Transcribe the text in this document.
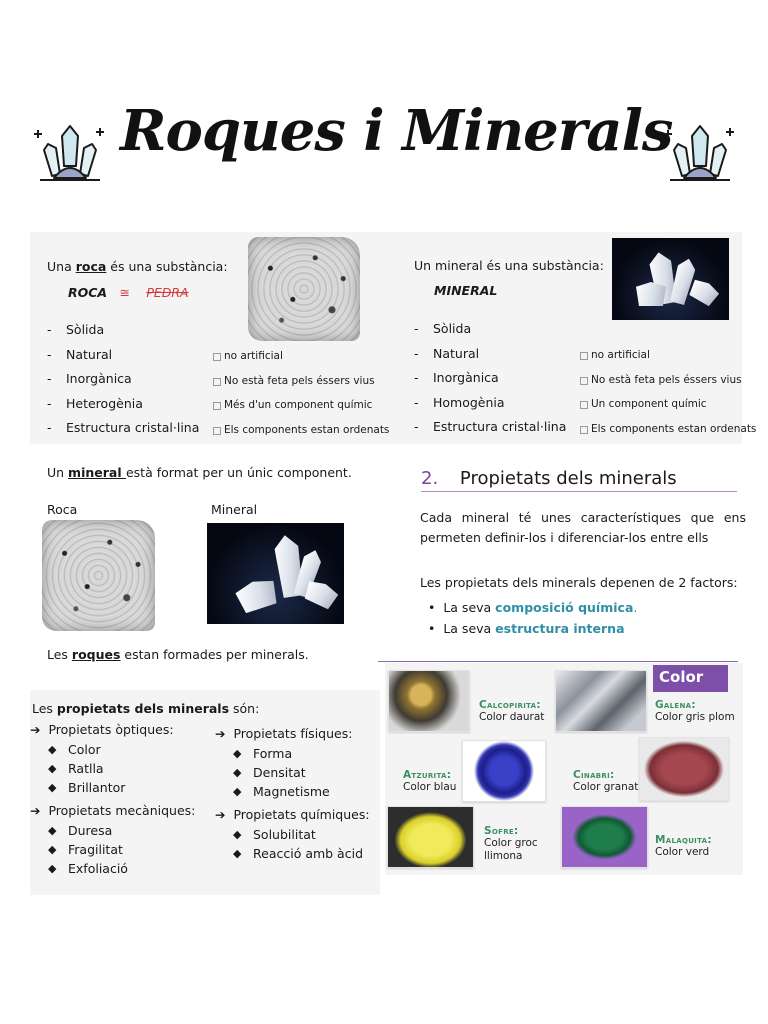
Roques i Minerals
Una roca és una substància:
ROCA ≅ PEDRA
- Sòlida
- Natural
- Inorgànica
- Heterogènia
- Estructura cristal·lina
no artificial
No està feta pels éssers vius
Més d'un component químic
Els components estan ordenats
Un mineral és una substància:
MINERAL
- Sòlida
- Natural
- Inorgànica
- Homogènia
- Estructura cristal·lina
no artificial
No està feta pels éssers vius
Un component químic
Els components estan ordenats
Un mineral està format per un únic component.
Roca	Mineral
Les roques estan formades per minerals.
Les propietats dels minerals són:
➔ Propietats òptiques:
◆ Color
◆ Ratlla
◆ Brillantor
➔ Propietats mecàniques:
◆ Duresa
◆ Fragilitat
◆ Exfoliació
➔ Propietats físiques:
◆ Forma
◆ Densitat
◆ Magnetisme
➔ Propietats químiques:
◆ Solubilitat
◆ Reacció amb àcid
2. Propietats dels minerals
Cada mineral té unes característiques que ens permeten definir-los i diferenciar-los entre ells
Les propietats dels minerals depenen de 2 factors:
•  La seva composició química.
•  La seva estructura interna
Color
Calcopirita:
Color daurat
Galena:
Color gris plom
Atzurita:
Color blau
Cinabri:
Color granat
Sofre:
Color groc llimona
Malaquita:
Color verd
